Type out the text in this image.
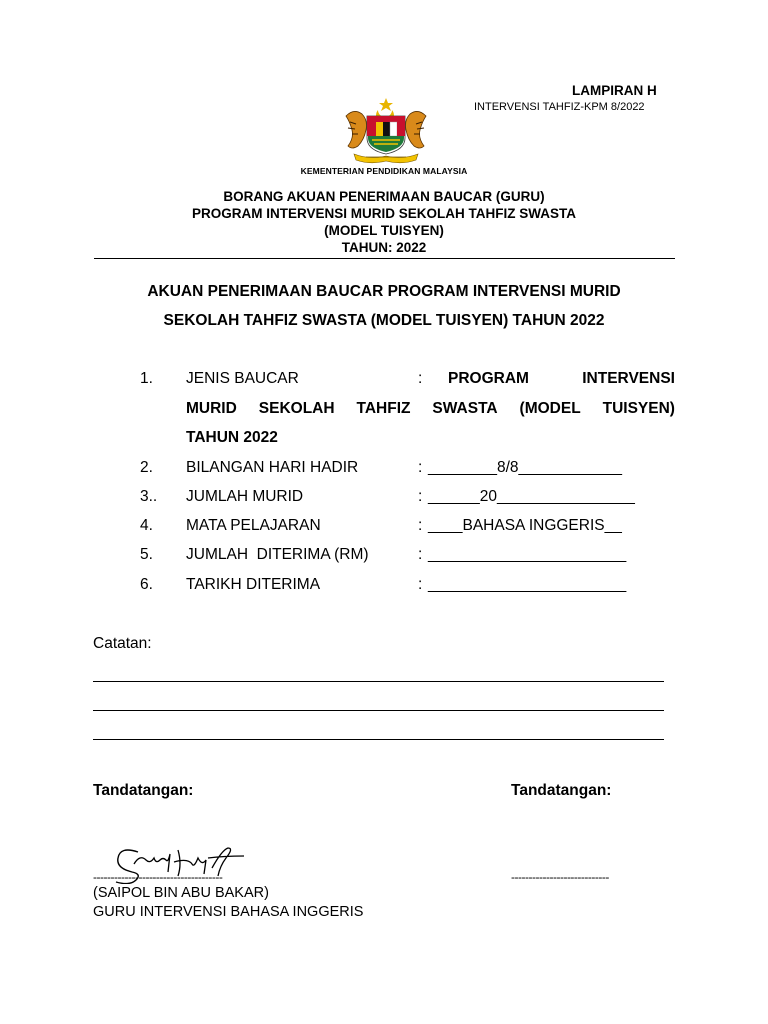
LAMPIRAN H
INTERVENSI TAHFIZ-KPM 8/2022
KEMENTERIAN PENDIDIKAN MALAYSIA
BORANG AKUAN PENERIMAAN BAUCAR (GURU)
PROGRAM INTERVENSI MURID SEKOLAH TAHFIZ SWASTA
(MODEL TUISYEN)
TAHUN: 2022
AKUAN PENERIMAAN BAUCAR PROGRAM INTERVENSI MURID
SEKOLAH TAHFIZ SWASTA (MODEL TUISYEN) TAHUN 2022
1. JENIS BAUCAR	: PROGRAM	INTERVENSI
MURID SEKOLAH TAHFIZ SWASTA (MODEL TUISYEN)
TAHUN 2022
2. BILANGAN HARI HADIR	: ________8/8____________
3.. JUMLAH MURID	: ______20________________
4. MATA PELAJARAN	: ____BAHASA INGGERIS__
5. JUMLAH  DITERIMA (RM)	: _______________________
6. TARIKH DITERIMA	: _______________________
Catatan:
Tandatangan:	Tandatangan:
-------------------------------------	----------------------------
(SAIPOL BIN ABU BAKAR)
GURU INTERVENSI BAHASA INGGERIS
